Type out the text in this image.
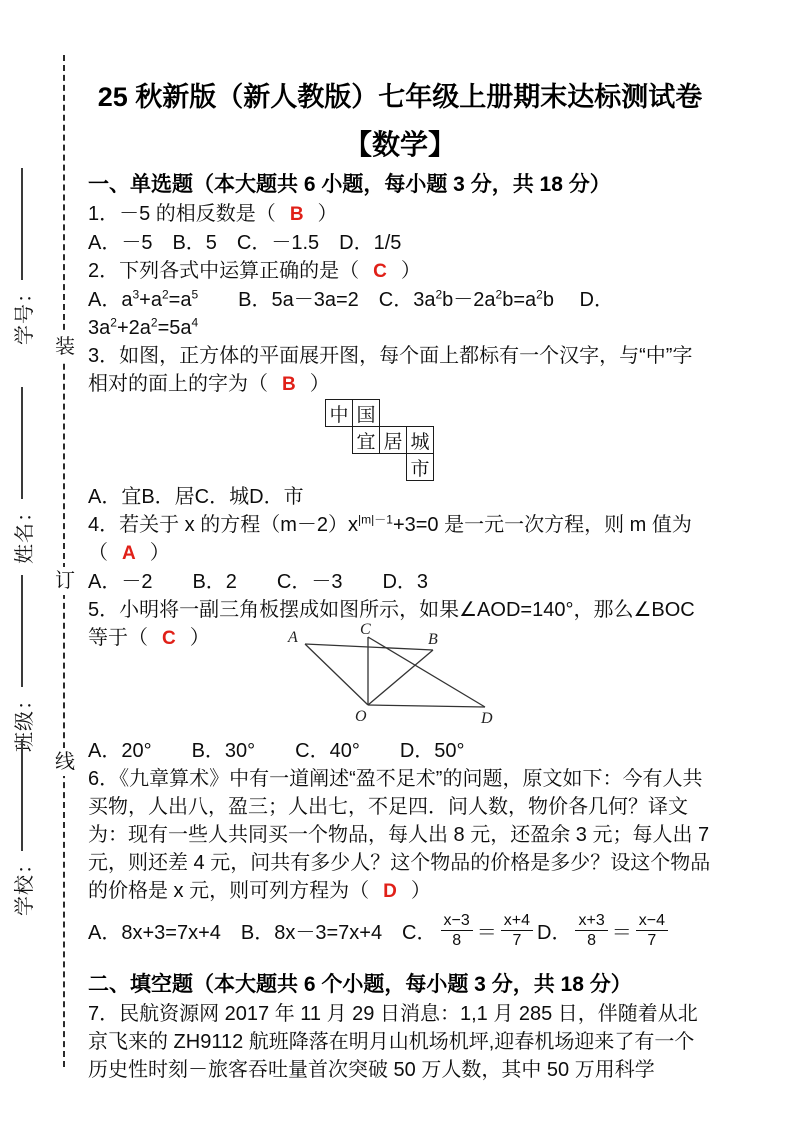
装
订
线
学号：
姓名：
班级：
学校：
25 秋新版（新人教版）七年级上册期末达标测试卷
【数学】
一、单选题（本大题共 6 小题，每小题 3 分，共 18 分）
1．－5 的相反数是（ B ）
A．－5　B．5　C．－1.5　D．1/5
2．下列各式中运算正确的是（ C ）
A．$a^3+a^2=a^5$　　B．5a－3a=2　C．$3a^2b-2a^2b=a^2b$　 D．$3a^2+2a^2=5a^4$
3．如图，正方体的平面展开图，每个面上都标有一个汉字，与“中”字相对的面上的字为（ B ）
中 国
宜 居 城
市
A．宜B．居C．城D．市
4．若关于 x 的方程$(m-2)x^{|m|-1}+3=0$ 是一元一次方程，则 m 值为（ A ）
A．－2　　B．2　　C．－3　　D．3
5．小明将一副三角板摆成如图所示，如果∠AOD=140°，那么∠BOC 等于（ C ）	A	C
B
O	D
A．20°　　B．30°　　C．40°　　D．50°
6．《九章算术》中有一道阐述“盈不足术”的问题，原文如下：今有人共买物，人出八，盈三；人出七，不足四．问人数，物价各几何？译文为：现有一些人共同买一个物品，每人出 8 元，还盈余 3 元；每人出 7 元，则还差 4 元，问共有多少人？这个物品的价格是多少？设这个物品的价格是 x 元，则可列方程为（ D ）
A．8x+3=7x+4　B．8x－3=7x+4　C． $\frac{x-3}{8} = \frac{x+4}{7}$ D． $\frac{x+3}{8} = \frac{x-4}{7}$
二、填空题（本大题共 6 个小题，每小题 3 分，共 18 分）
7．民航资源网 2017 年 11 月 29 日消息：1,1 月 285 日，伴随着从北京飞来的 ZH9112 航班降落在明月山机场机坪,迎春机场迎来了有一个历史性时刻－旅客吞吐量首次突破 50 万人数，其中 50 万用科学
